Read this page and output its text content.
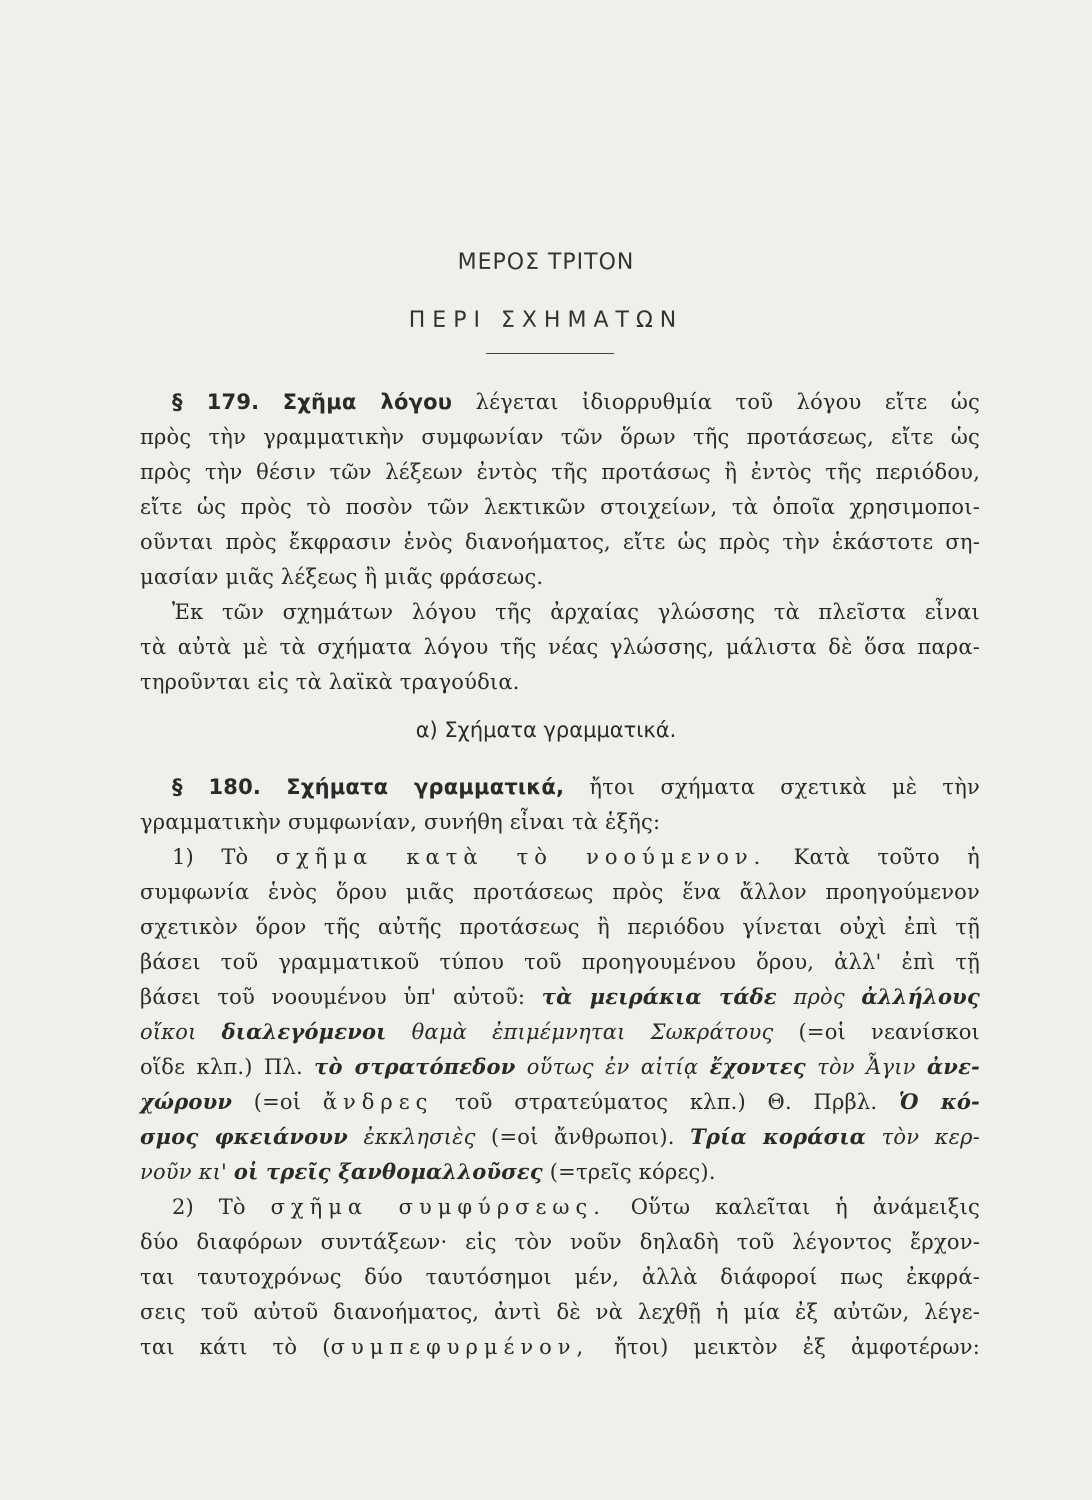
ΜΕΡΟΣ ΤΡΙΤΟΝ
ΠΕΡΙ ΣΧΗΜΑΤΩΝ
§ 179. Σχῆμα λόγου λέγεται ἰδιορρυθμία τοῦ λόγου εἴτε ὡς
πρὸς τὴν γραμματικὴν συμφωνίαν τῶν ὅρων τῆς προτάσεως, εἴτε ὡς
πρὸς τὴν θέσιν τῶν λέξεων ἐντὸς τῆς προτάσως ἢ ἐντὸς τῆς περιόδου,
εἴτε ὡς πρὸς τὸ ποσὸν τῶν λεκτικῶν στοιχείων, τὰ ὁποῖα χρησιμοποι-
οῦνται πρὸς ἔκφρασιν ἑνὸς διανοήματος, εἴτε ὡς πρὸς τὴν ἑκάστοτε ση-
μασίαν μιᾶς λέξεως ἢ μιᾶς φράσεως.
Ἐκ τῶν σχημάτων λόγου τῆς ἀρχαίας γλώσσης τὰ πλεῖστα εἶναι
τὰ αὐτὰ μὲ τὰ σχήματα λόγου τῆς νέας γλώσσης, μάλιστα δὲ ὅσα παρα-
τηροῦνται εἰς τὰ λαϊκὰ τραγούδια.
α) Σχήματα γραμματικά.
§ 180. Σχήματα γραμματικά, ἤτοι σχήματα σχετικὰ μὲ τὴν
γραμματικὴν συμφωνίαν, συνήθη εἶναι τὰ ἑξῆς:
1) Τὸ σχῆμα κατὰ τὸ νοούμενον. Κατὰ τοῦτο ἡ
συμφωνία ἑνὸς ὅρου μιᾶς προτάσεως πρὸς ἕνα ἄλλον προηγούμενον
σχετικὸν ὅρον τῆς αὐτῆς προτάσεως ἢ περιόδου γίνεται οὐχὶ ἐπὶ τῇ
βάσει τοῦ γραμματικοῦ τύπου τοῦ προηγουμένου ὅρου, ἀλλ' ἐπὶ τῇ
βάσει τοῦ νοουμένου ὑπ' αὐτοῦ: τὰ μειράκια τάδε πρὸς ἀλλήλους
οἴκοι διαλεγόμενοι θαμὰ ἐπιμέμνηται Σωκράτους (=οἱ νεανίσκοι
οἵδε κλπ.) Πλ. τὸ στρατόπεδον οὕτως ἐν αἰτίᾳ ἔχοντες τὸν Ἆγιν ἀνε-
χώρουν (=οἱ ἄνδρες τοῦ στρατεύματος κλπ.) Θ. Πρβλ. Ὁ κό-
σμος φκειάνουν ἐκκλησιὲς (=οἱ ἄνθρωποι). Τρία κοράσια τὸν κερ-
νοῦν κι' οἱ τρεῖς ξανθομαλλοῦσες (=τρεῖς κόρες).
2) Τὸ σχῆμα συμφύρσεως. Οὕτω καλεῖται ἡ ἀνάμειξις
δύο διαφόρων συντάξεων· εἰς τὸν νοῦν δηλαδὴ τοῦ λέγοντος ἔρχον-
ται ταυτοχρόνως δύο ταυτόσημοι μέν, ἀλλὰ διάφοροί πως ἐκφρά-
σεις τοῦ αὐτοῦ διανοήματος, ἀντὶ δὲ νὰ λεχθῇ ἡ μία ἐξ αὐτῶν, λέγε-
ται κάτι τὸ (συμπεφυρμένον, ἤτοι) μεικτὸν ἐξ ἀμφοτέρων:
